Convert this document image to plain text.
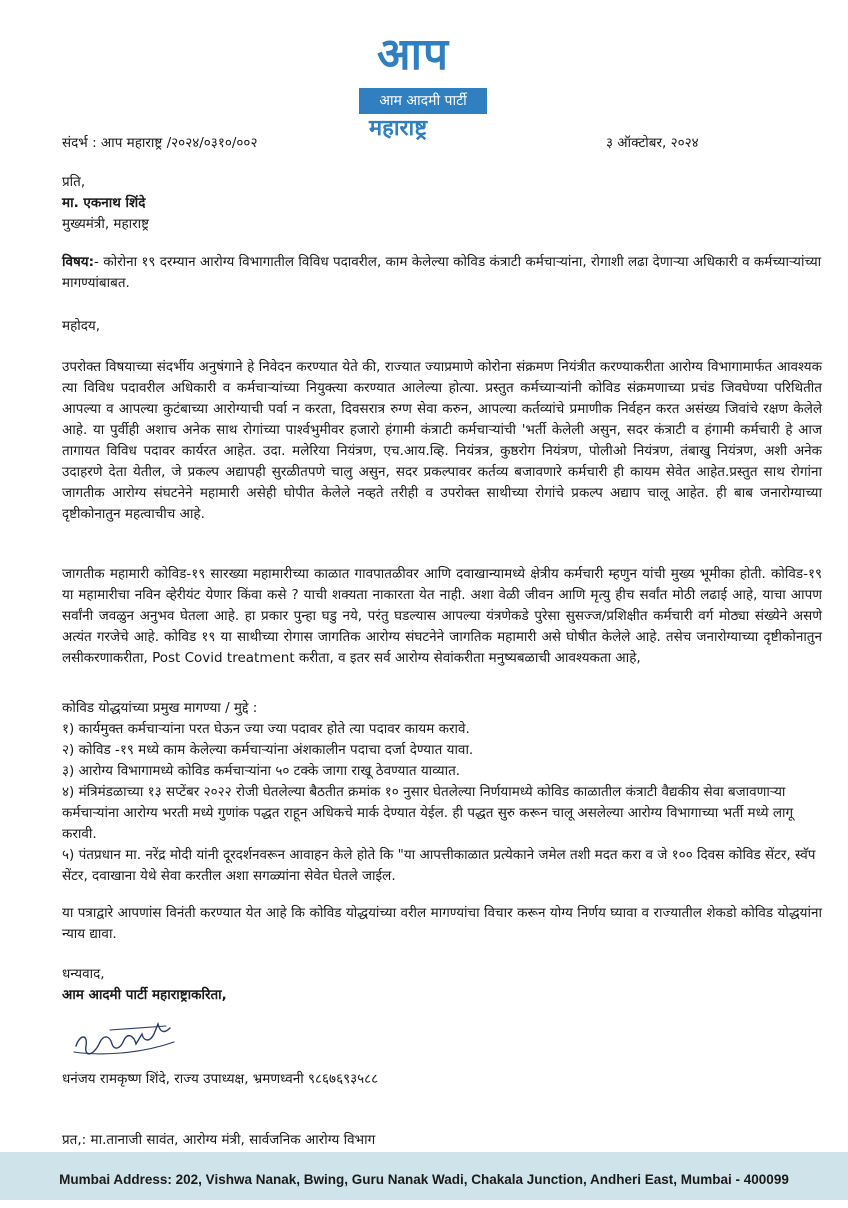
आप
आम आदमी पार्टी
महाराष्ट्र
संदर्भ : आप महाराष्ट्र /२०२४/०३१०/००२	३ ऑक्टोबर, २०२४
प्रति,
मा. एकनाथ शिंदे
मुख्यमंत्री, महाराष्ट्र
विषय:- कोरोना १९ दरम्यान आरोग्य विभागातील विविध पदावरील, काम केलेल्या कोविड कंत्राटी कर्मचाऱ्यांना, रोगाशी लढा देणाऱ्या अधिकारी व कर्मच्याऱ्यांच्या मागण्यांबाबत.
महोदय,
उपरोक्त विषयाच्या संदर्भीय अनुषंगाने हे निवेदन करण्यात येते की, राज्यात ज्याप्रमाणे कोरोना संक्रमण नियंत्रीत करण्याकरीता आरोग्य विभागामार्फत आवश्यक त्या विविध पदावरील अधिकारी व कर्मचाऱ्यांच्या नियुक्त्या करण्यात आलेल्या होत्या. प्रस्तुत कर्मच्याऱ्यांनी कोविड संक्रमणाच्या प्रचंड जिवघेण्या परिथितीत आपल्या व आपल्या कुटंबाच्या आरोग्याची पर्वा न करता, दिवसरात्र रुग्ण सेवा करुन, आपल्या कर्तव्यांचे प्रमाणीक निर्वहन करत असंख्य जिवांचे रक्षण केलेले आहे. या पुर्वीही अशाच अनेक साथ रोगांच्या पार्श्वभुमीवर हजारो हंगामी कंत्राटी कर्मचाऱ्यांची 'भर्ती केलेली असुन, सदर कंत्राटी व हंगामी कर्मचारी हे आज तागायत विविध पदावर कार्यरत आहेत. उदा. मलेरिया नियंत्रण, एच.आय.व्हि. नियंत्रत्र, कुष्ठरोग नियंत्रण, पोलीओ नियंत्रण, तंबाखु नियंत्रण, अशी अनेक उदाहरणे देता येतील, जे प्रकल्प अद्यापही सुरळीतपणे चालु असुन, सदर प्रकल्पावर कर्तव्य बजावणारे कर्मचारी ही कायम सेवेत आहेत.प्रस्तुत साथ रोगांना जागतीक आरोग्य संघटनेने महामारी असेही घोपीत केलेले नव्हते तरीही व उपरोक्त साथीच्या रोगांचे प्रकल्प अद्याप चालू आहेत. ही बाब जनारोग्याच्या दृष्टीकोनातुन महत्वाचीच आहे.
जागतीक महामारी कोविड-१९ सारख्या महामारीच्या काळात गावपातळीवर आणि दवाखान्यामध्ये क्षेत्रीय कर्मचारी म्हणुन यांची मुख्य भूमीका होती. कोविड-१९ या महामारीचा नविन व्हेरीयंट येणार किंवा कसे ? याची शक्यता नाकारता येत नाही. अशा वेळी जीवन आणि मृत्यु हीच सर्वांत मोठी लढाई आहे, याचा आपण सर्वांनी जवळुन अनुभव घेतला आहे. हा प्रकार पुन्हा घडु नये, परंतु घडल्यास आपल्या यंत्रणेकडे पुरेसा सुसज्ज/प्रशिक्षीत कर्मचारी वर्ग मोठ्या संख्येने असणे अत्यंत गरजेचे आहे. कोविड १९ या साथीच्या रोगास जागतिक आरोग्य संघटनेने जागतिक महामारी असे घोषीत केलेले आहे. तसेच जनारोग्याच्या दृष्टीकोनातुन लसीकरणाकरीता, Post Covid treatment करीता, व इतर सर्व आरोग्य सेवांकरीता मनुष्यबळाची आवश्यकता आहे,
कोविड योद्धयांच्या प्रमुख मागण्या / मुद्दे :
१) कार्यमुक्त कर्मचाऱ्यांना परत घेऊन ज्या ज्या पदावर होते त्या पदावर कायम करावे.
२) कोविड -१९ मध्ये काम केलेल्या कर्मचाऱ्यांना अंशकालीन पदाचा दर्जा देण्यात यावा.
३) आरोग्य विभागामध्ये कोविड कर्मचाऱ्यांना ५० टक्के जागा राखू ठेवण्यात याव्यात.
४) मंत्रिमंडळाच्या १३ सप्टेंबर २०२२ रोजी घेतलेल्या बैठतीत क्रमांक १० नुसार घेतलेल्या निर्णयामध्ये कोविड काळातील कंत्राटी वैद्यकीय सेवा बजावणाऱ्या कर्मचाऱ्यांना आरोग्य भरती मध्ये गुणांक पद्धत राहून अधिकचे मार्क देण्यात येईल. ही पद्धत सुरु करून चालू असलेल्या आरोग्य विभागाच्या भर्ती मध्ये लागू करावी.
५) पंतप्रधान मा. नरेंद्र मोदी यांनी दूरदर्शनवरून आवाहन केले होते कि "या आपत्तीकाळात प्रत्येकाने जमेल तशी मदत करा व जे १०० दिवस कोविड सेंटर, स्वॅप सेंटर, दवाखाना येथे सेवा करतील अशा सगळ्यांना सेवेत घेतले जाईल.
या पत्राद्वारे आपणांस विनंती करण्यात येत आहे कि कोविड योद्धयांच्या वरील मागण्यांचा विचार करून योग्य निर्णय घ्यावा व राज्यातील शेकडो कोविड योद्धयांना न्याय द्यावा.
धन्यवाद,
आम आदमी पार्टी महाराष्ट्राकरिता,
धनंजय रामकृष्ण शिंदे, राज्य उपाध्यक्ष, भ्रमणध्वनी ९८६७६९३५८८
प्रत,: मा.तानाजी सावंत, आरोग्य मंत्री, सार्वजनिक आरोग्य विभाग
Mumbai Address: 202, Vishwa Nanak, Bwing, Guru Nanak Wadi, Chakala Junction, Andheri East, Mumbai - 400099
